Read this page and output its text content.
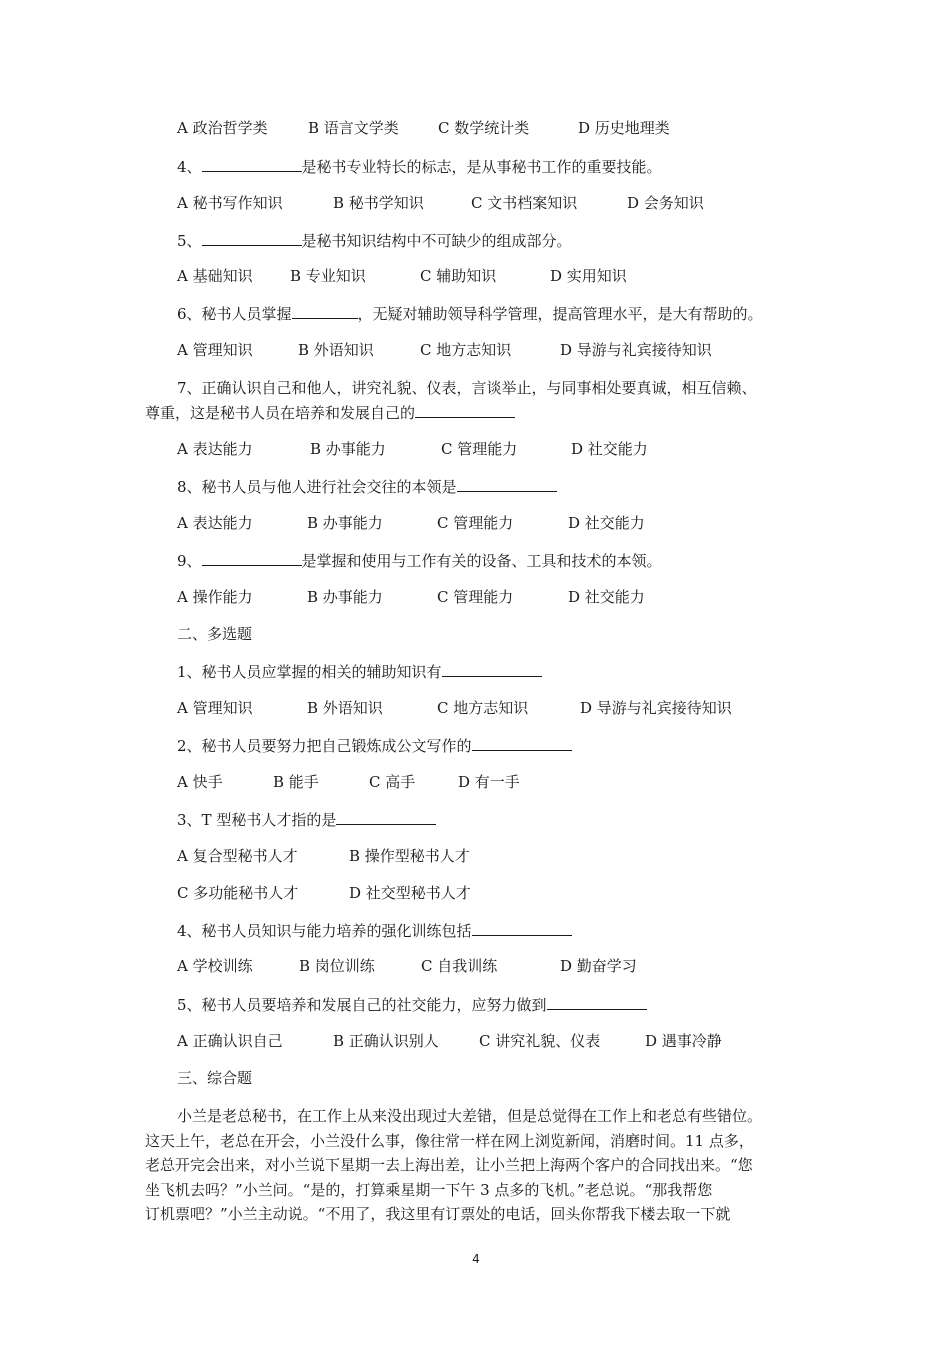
A 政治哲学类	B 语言文学类	C 数学统计类	D 历史地理类
4、	是秘书专业特长的标志，是从事秘书工作的重要技能。
A 秘书写作知识	B 秘书学知识	C 文书档案知识	D 会务知识
5、	是秘书知识结构中不可缺少的组成部分。
A 基础知识 B 专业知识	C 辅助知识	D 实用知识
6、秘书人员掌握	，无疑对辅助领导科学管理，提高管理水平，是大有帮助的。
A 管理知识	B 外语知识	C 地方志知识	D 导游与礼宾接待知识
7、正确认识自己和他人，讲究礼貌、仪表，言谈举止，与同事相处要真诚，相互信赖、
尊重，这是秘书人员在培养和发展自己的
A 表达能力	B 办事能力	C 管理能力	D 社交能力
8、秘书人员与他人进行社会交往的本领是
A 表达能力	B 办事能力	C 管理能力	D 社交能力
9、	是掌握和使用与工作有关的设备、工具和技术的本领。
A 操作能力	B 办事能力	C 管理能力	D 社交能力
二、多选题
1、秘书人员应掌握的相关的辅助知识有
A 管理知识	B 外语知识	C 地方志知识	D 导游与礼宾接待知识
2、秘书人员要努力把自己锻炼成公文写作的
A 快手	B 能手	C 高手	D 有一手
3、T 型秘书人才指的是
A 复合型秘书人才	B 操作型秘书人才
C 多功能秘书人才	D 社交型秘书人才
4、秘书人员知识与能力培养的强化训练包括
A 学校训练	B 岗位训练	C 自我训练	D 勤奋学习
5、秘书人员要培养和发展自己的社交能力，应努力做到
A 正确认识自己	B 正确认识别人	C 讲究礼貌、仪表	D 遇事冷静
三、综合题
小兰是老总秘书，在工作上从来没出现过大差错，但是总觉得在工作上和老总有些错位。
这天上午，老总在开会，小兰没什么事，像往常一样在网上浏览新闻，消磨时间。11 点多，
老总开完会出来，对小兰说下星期一去上海出差，让小兰把上海两个客户的合同找出来。“您
坐飞机去吗？”小兰问。“是的，打算乘星期一下午 3 点多的飞机。”老总说。“那我帮您
订机票吧？”小兰主动说。“不用了，我这里有订票处的电话，回头你帮我下楼去取一下就
4
